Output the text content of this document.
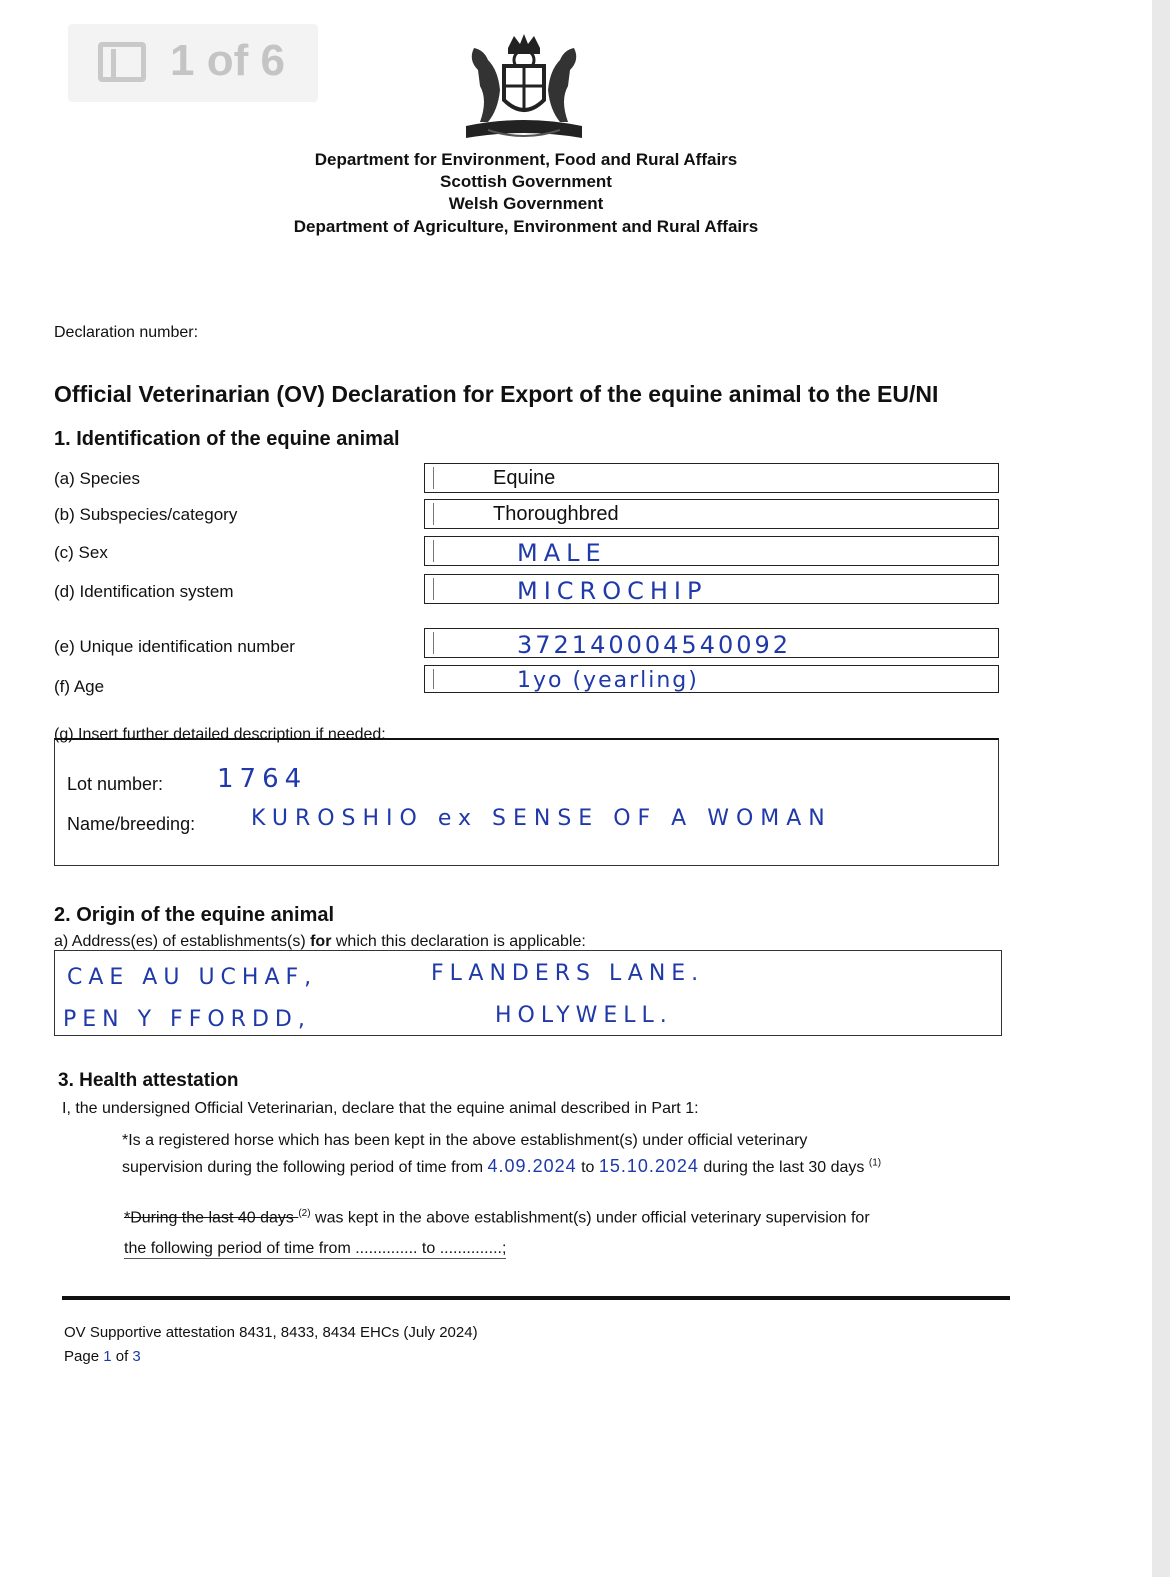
1 of 6
Department for Environment, Food and Rural Affairs
Scottish Government
Welsh Government
Department of Agriculture, Environment and Rural Affairs
Declaration number:
Official Veterinarian (OV) Declaration for Export of the equine animal to the EU/NI
1. Identification of the equine animal
(a) Species	Equine
(b) Subspecies/category	Thoroughbred
(c) Sex	MALE
(d) Identification system	MICROCHIP
(e) Unique identification number	372140004540092
(f) Age	1yo (yearling)
(g) Insert further detailed description if needed:
Lot number: 1764
Name/breeding:	KUROSHIO ex SENSE OF A WOMAN
2. Origin of the equine animal
a) Address(es) of establishments(s) for which this declaration is applicable:
CAE AU UCHAF,	FLANDERS LANE.
PEN Y FFORDD,	HOLYWELL.
3. Health attestation
I, the undersigned Official Veterinarian, declare that the equine animal described in Part 1:
*Is a registered horse which has been kept in the above establishment(s) under official veterinary
supervision during the following period of time from 4.09.2024 to 15.10.2024 during the last 30 days $^{(1)}$
*During the last 40 days $^{(2)}$ was kept in the above establishment(s) under official veterinary supervision for
the following period of time from .............. to ..............;
OV Supportive attestation 8431, 8433, 8434 EHCs (July 2024)
Page 1 of 3
